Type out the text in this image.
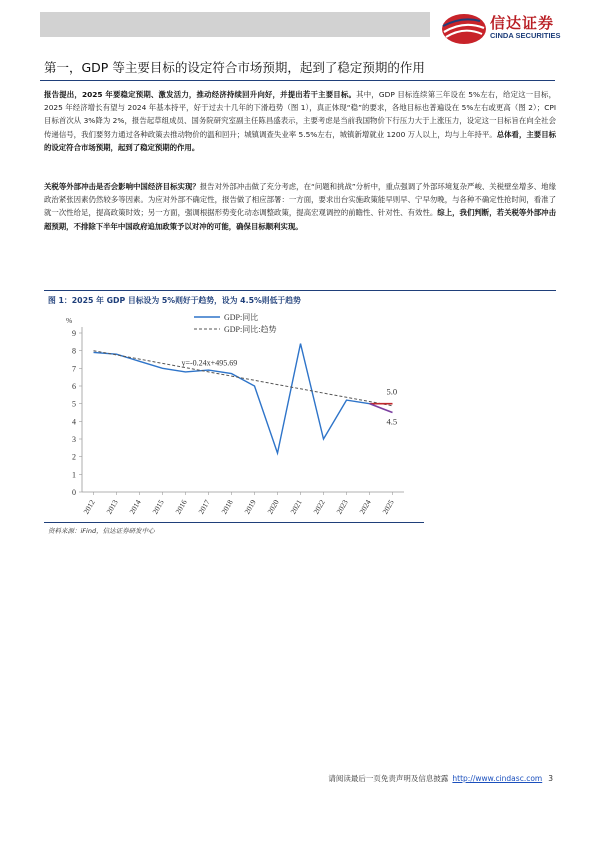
信达证券
CINDA SECURITIES
第一，GDP 等主要目标的设定符合市场预期，起到了稳定预期的作用
报告提出，2025 年要稳定预期、激发活力，推动经济持续回升向好，并提出若干主要目标。其中，GDP 目标连续第三年设在 5%左右，给定这一目标，2025 年经济增长有望与 2024 年基本持平，好于过去十几年的下滑趋势（图 1），真正体现“稳”的要求，各地目标也普遍设在 5%左右或更高（图 2）；CPI 目标首次从 3%降为 2%，报告起草组成员、国务院研究室副主任陈昌盛表示，主要考虑是当前我国物价下行压力大于上涨压力，设定这一目标旨在向全社会传递信号，我们要努力通过各种政策去推动物价的温和回升；城镇调查失业率 5.5%左右，城镇新增就业 1200 万人以上，均与上年持平。总体看，主要目标的设定符合市场预期，起到了稳定预期的作用。
关税等外部冲击是否会影响中国经济目标实现？报告对外部冲击做了充分考虑，在“问题和挑战”分析中，重点强调了外部环境复杂严峻、关税壁垒增多、地缘政治紧张因素仍然较多等因素。为应对外部不确定性，报告做了相应部署：一方面，要求出台实施政策能早则早、宁早勿晚，与各种不确定性抢时间，看准了就一次性给足，提高政策时效；另一方面，强调根据形势变化动态调整政策，提高宏观调控的前瞻性、针对性、有效性。综上，我们判断，若关税等外部冲击超预期，不排除下半年中国政府追加政策予以对冲的可能，确保目标顺利实现。
图 1：2025 年 GDP 目标设为 5%则好于趋势，设为 4.5%则低于趋势
%
0
1
2
3
4
5
6
7
8
9
2012 2013 2014 2015 2016 2017 2018 2019 2020 2021 2022 2023 2024 2025
5.0
4.5
y=-0.24x+495.69
GDP:同比
GDP:同比:趋势
资料来源：iFind，信达证券研发中心
请阅读最后一页免责声明及信息披露 http://www.cindasc.com 3
